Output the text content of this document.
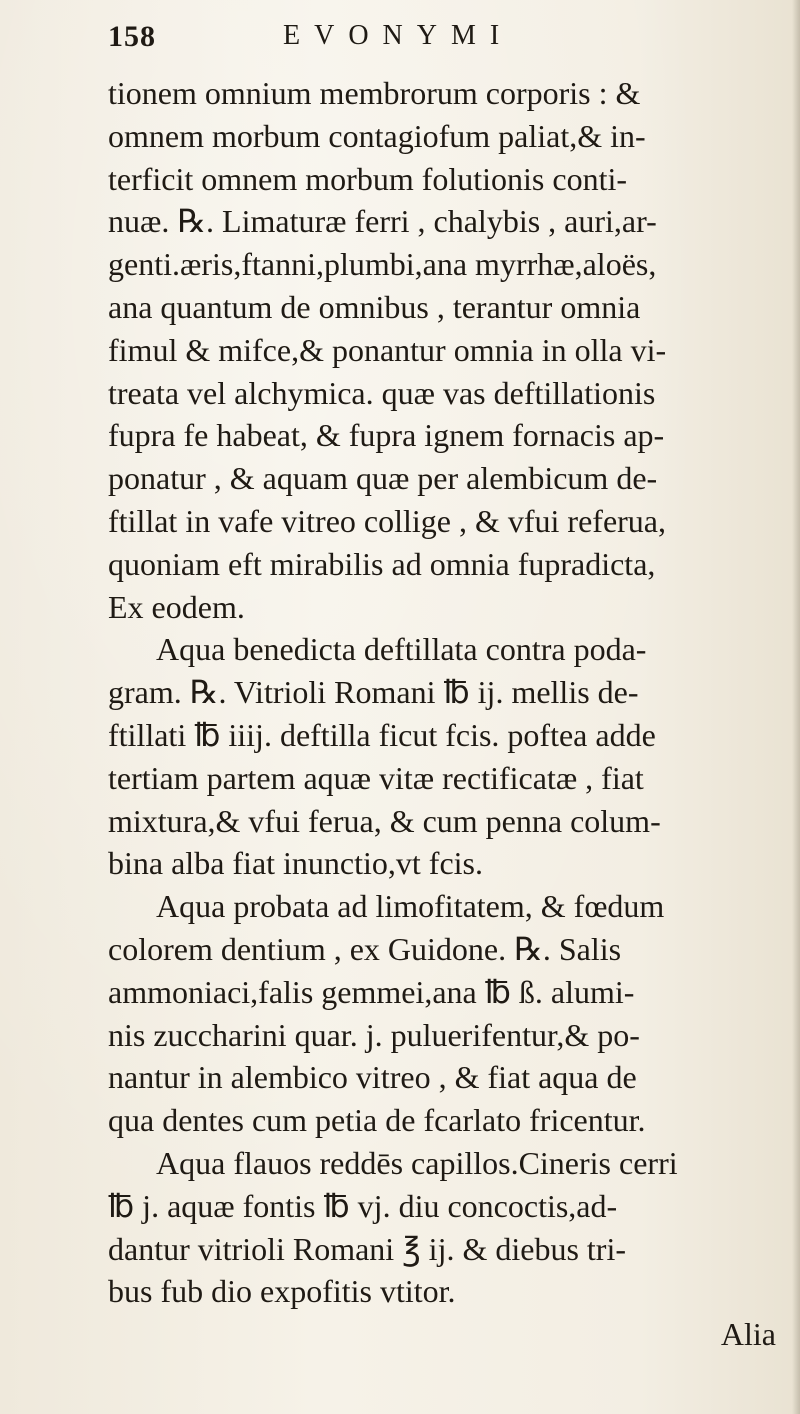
158	EVONYMI
tionem omnium membrorum corporis : &
omnem morbum contagiofum paliat,& in-
terficit omnem morbum folutionis conti-
nuæ. ℞. Limaturæ ferri , chalybis , auri,ar-
genti.æris,ftanni,plumbi,ana myrrhæ,aloës,
ana quantum de omnibus , terantur omnia
fimul & mifce,& ponantur omnia in olla vi-
treata vel alchymica. quæ vas deftillationis
fupra fe habeat, & fupra ignem fornacis ap-
ponatur , & aquam quæ per alembicum de-
ftillat in vafe vitreo collige , & vfui referua,
quoniam eft mirabilis ad omnia fupradicta,
Ex eodem.
Aqua benedicta deftillata contra poda-
gram. ℞. Vitrioli Romani ℔ ij. mellis de-
ftillati ℔ iiij. deftilla ficut fcis. poftea adde
tertiam partem aquæ vitæ rectificatæ , fiat
mixtura,& vfui ferua, & cum penna colum-
bina alba fiat inunctio,vt fcis.
Aqua probata ad limofitatem, & fœdum
colorem dentium , ex Guidone. ℞. Salis
ammoniaci,falis gemmei,ana ℔ ß. alumi-
nis zuccharini quar. j. puluerifentur,& po-
nantur in alembico vitreo , & fiat aqua de
qua dentes cum petia de fcarlato fricentur.
Aqua flauos reddēs capillos.Cineris cerri
℔ j. aquæ fontis ℔ vj. diu concoctis,ad-
dantur vitrioli Romani ℥ ij. & diebus tri-
bus fub dio expofitis vtitor.
Alia
